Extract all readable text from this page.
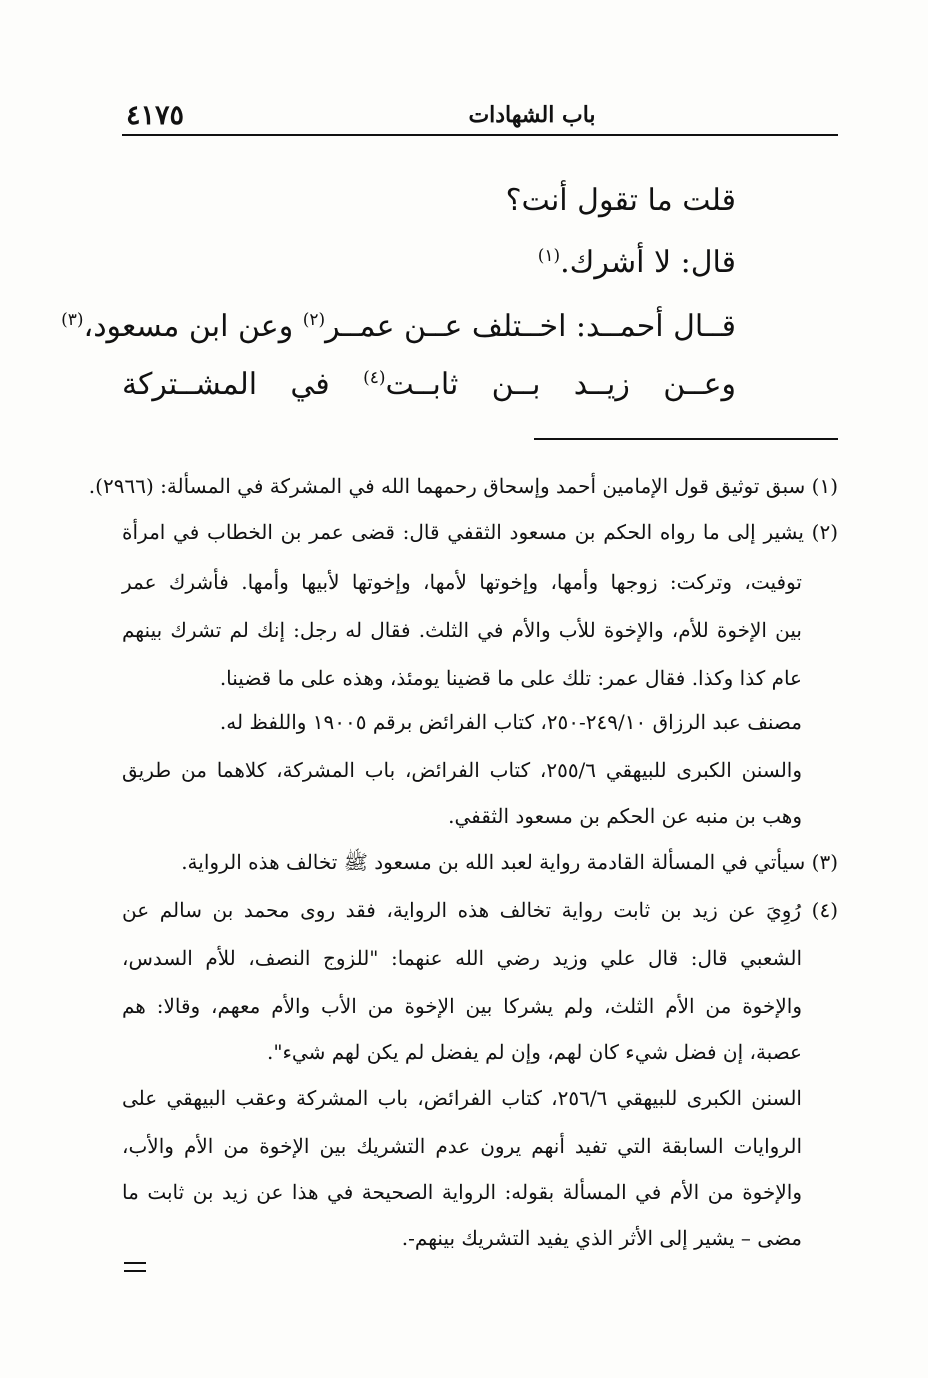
٤١٧٥	باب الشهادات
قلت ما تقول أنت؟
قال: لا أشرك.$^{(١)}$
قــال أحمــد: اخــتلف عــن عمــر$^{(٢)}$ وعن ابن مسعود،$^{(٣)}$
وعــن زيــد بــن ثابــت$^{(٤)}$ في المشــتركة
(١) سبق توثيق قول الإمامين أحمد وإسحاق رحمهما الله في المشركة في المسألة: (٢٩٦٦).
(٢) يشير إلى ما رواه الحكم بن مسعود الثقفي قال: قضى عمر بن الخطاب في امرأة
توفيت، وتركت: زوجها وأمها، وإخوتها لأمها، وإخوتها لأبيها وأمها. فأشرك عمر
بين الإخوة للأم، والإخوة للأب والأم في الثلث. فقال له رجل: إنك لم تشرك بينهم
عام كذا وكذا. فقال عمر: تلك على ما قضينا يومئذ، وهذه على ما قضينا.
مصنف عبد الرزاق ٢٤٩/١٠-٢٥٠، كتاب الفرائض برقم ١٩٠٠٥ واللفظ له.
والسنن الكبرى للبيهقي ٢٥٥/٦، كتاب الفرائض، باب المشركة، كلاهما من طريق
وهب بن منبه عن الحكم بن مسعود الثقفي.
(٣) سيأتي في المسألة القادمة رواية لعبد الله بن مسعود ﷺ تخالف هذه الرواية.
(٤) رُوِيَ عن زيد بن ثابت رواية تخالف هذه الرواية، فقد روى محمد بن سالم عن
الشعبي قال: قال علي وزيد رضي الله عنهما: "للزوج النصف، للأم السدس،
والإخوة من الأم الثلث، ولم يشركا بين الإخوة من الأب والأم معهم، وقالا: هم
عصبة، إن فضل شيء كان لهم، وإن لم يفضل لم يكن لهم شيء".
السنن الكبرى للبيهقي ٢٥٦/٦، كتاب الفرائض، باب المشركة وعقب البيهقي على
الروايات السابقة التي تفيد أنهم يرون عدم التشريك بين الإخوة من الأم والأب،
والإخوة من الأم في المسألة بقوله: الرواية الصحيحة في هذا عن زيد بن ثابت ما
مضى – يشير إلى الأثر الذي يفيد التشريك بينهم-.
